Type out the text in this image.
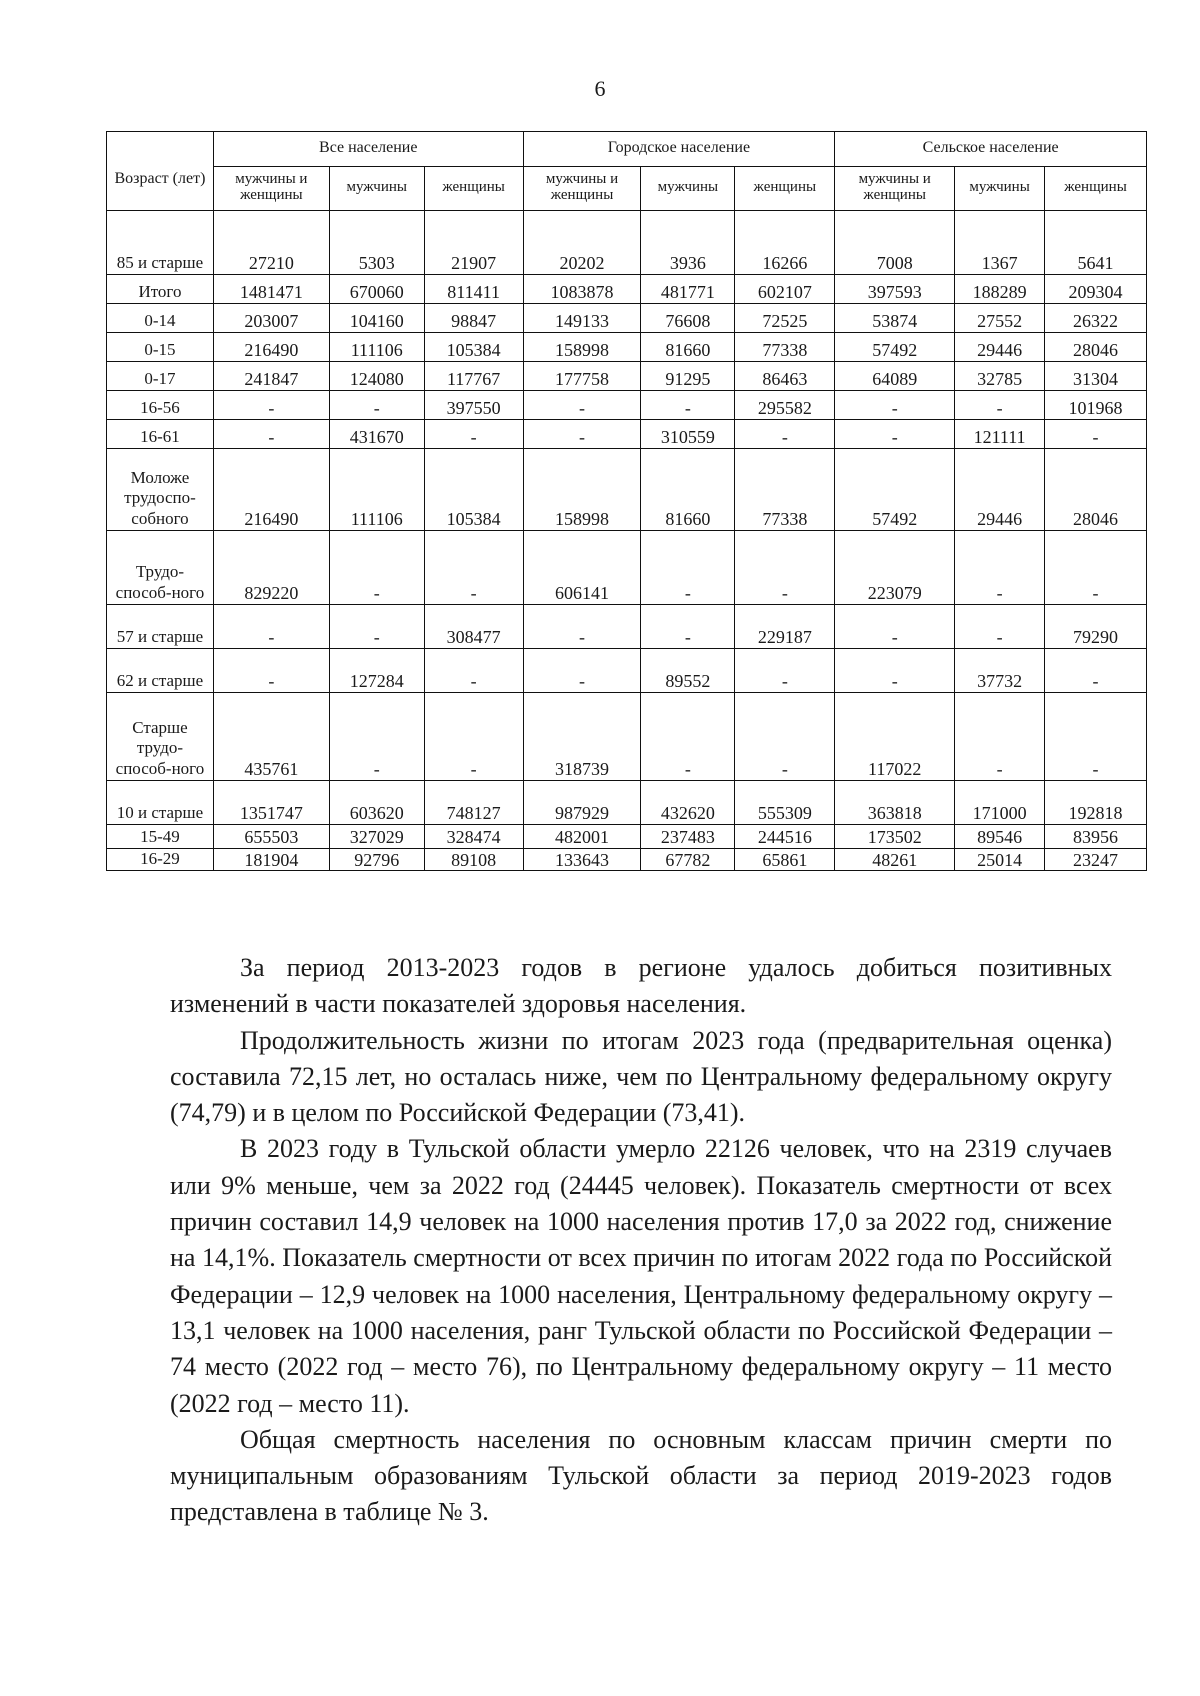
6
Возраст (лет)	Все население			Городское население			Сельское население		
	мужчины и женщины	мужчины	женщины	мужчины и женщины	мужчины	женщины	мужчины и женщины	мужчины	женщины
85 и старше	27210	5303	21907	20202	3936	16266	7008	1367	5641
Итого	1481471	670060	811411	1083878	481771	602107	397593	188289	209304
0-14	203007	104160	98847	149133	76608	72525	53874	27552	26322
0-15	216490	111106	105384	158998	81660	77338	57492	29446	28046
0-17	241847	124080	117767	177758	91295	86463	64089	32785	31304
16-56	-	-	397550	-	-	295582	-	-	101968
16-61	-	431670	-	-	310559	-	-	121111	-
Моложе трудоспо-собного	216490	111106	105384	158998	81660	77338	57492	29446	28046
Трудо-способ-ного	829220	-	-	606141	-	-	223079	-	-
57 и старше	-	-	308477	-	-	229187	-	-	79290
62 и старше	-	127284	-	-	89552	-	-	37732	-
Старше трудо-способ-ного	435761	-	-	318739	-	-	117022	-	-
10 и старше	1351747	603620	748127	987929	432620	555309	363818	171000	192818
15-49	655503	327029	328474	482001	237483	244516	173502	89546	83956
16-29	181904	92796	89108	133643	67782	65861	48261	25014	23247

За период 2013-2023 годов в регионе удалось добиться позитивных изменений в части показателей здоровья населения.

Продолжительность жизни по итогам 2023 года (предварительная оценка) составила 72,15 лет, но осталась ниже, чем по Центральному федеральному округу (74,79) и в целом по Российской Федерации (73,41).

В 2023 году в Тульской области умерло 22126 человек, что на 2319 случаев или 9% меньше, чем за 2022 год (24445 человек). Показатель смертности от всех причин составил 14,9 человек на 1000 населения против 17,0 за 2022 год, снижение на 14,1%. Показатель смертности от всех причин по итогам 2022 года по Российской Федерации – 12,9 человек на 1000 населения, Центральному федеральному округу – 13,1 человек на 1000 населения, ранг Тульской области по Российской Федерации – 74 место (2022 год – место 76), по Центральному федеральному округу – 11 место (2022 год – место 11).

Общая смертность населения по основным классам причин смерти по муниципальным образованиям Тульской области за период 2019-2023 годов представлена в таблице № 3.
